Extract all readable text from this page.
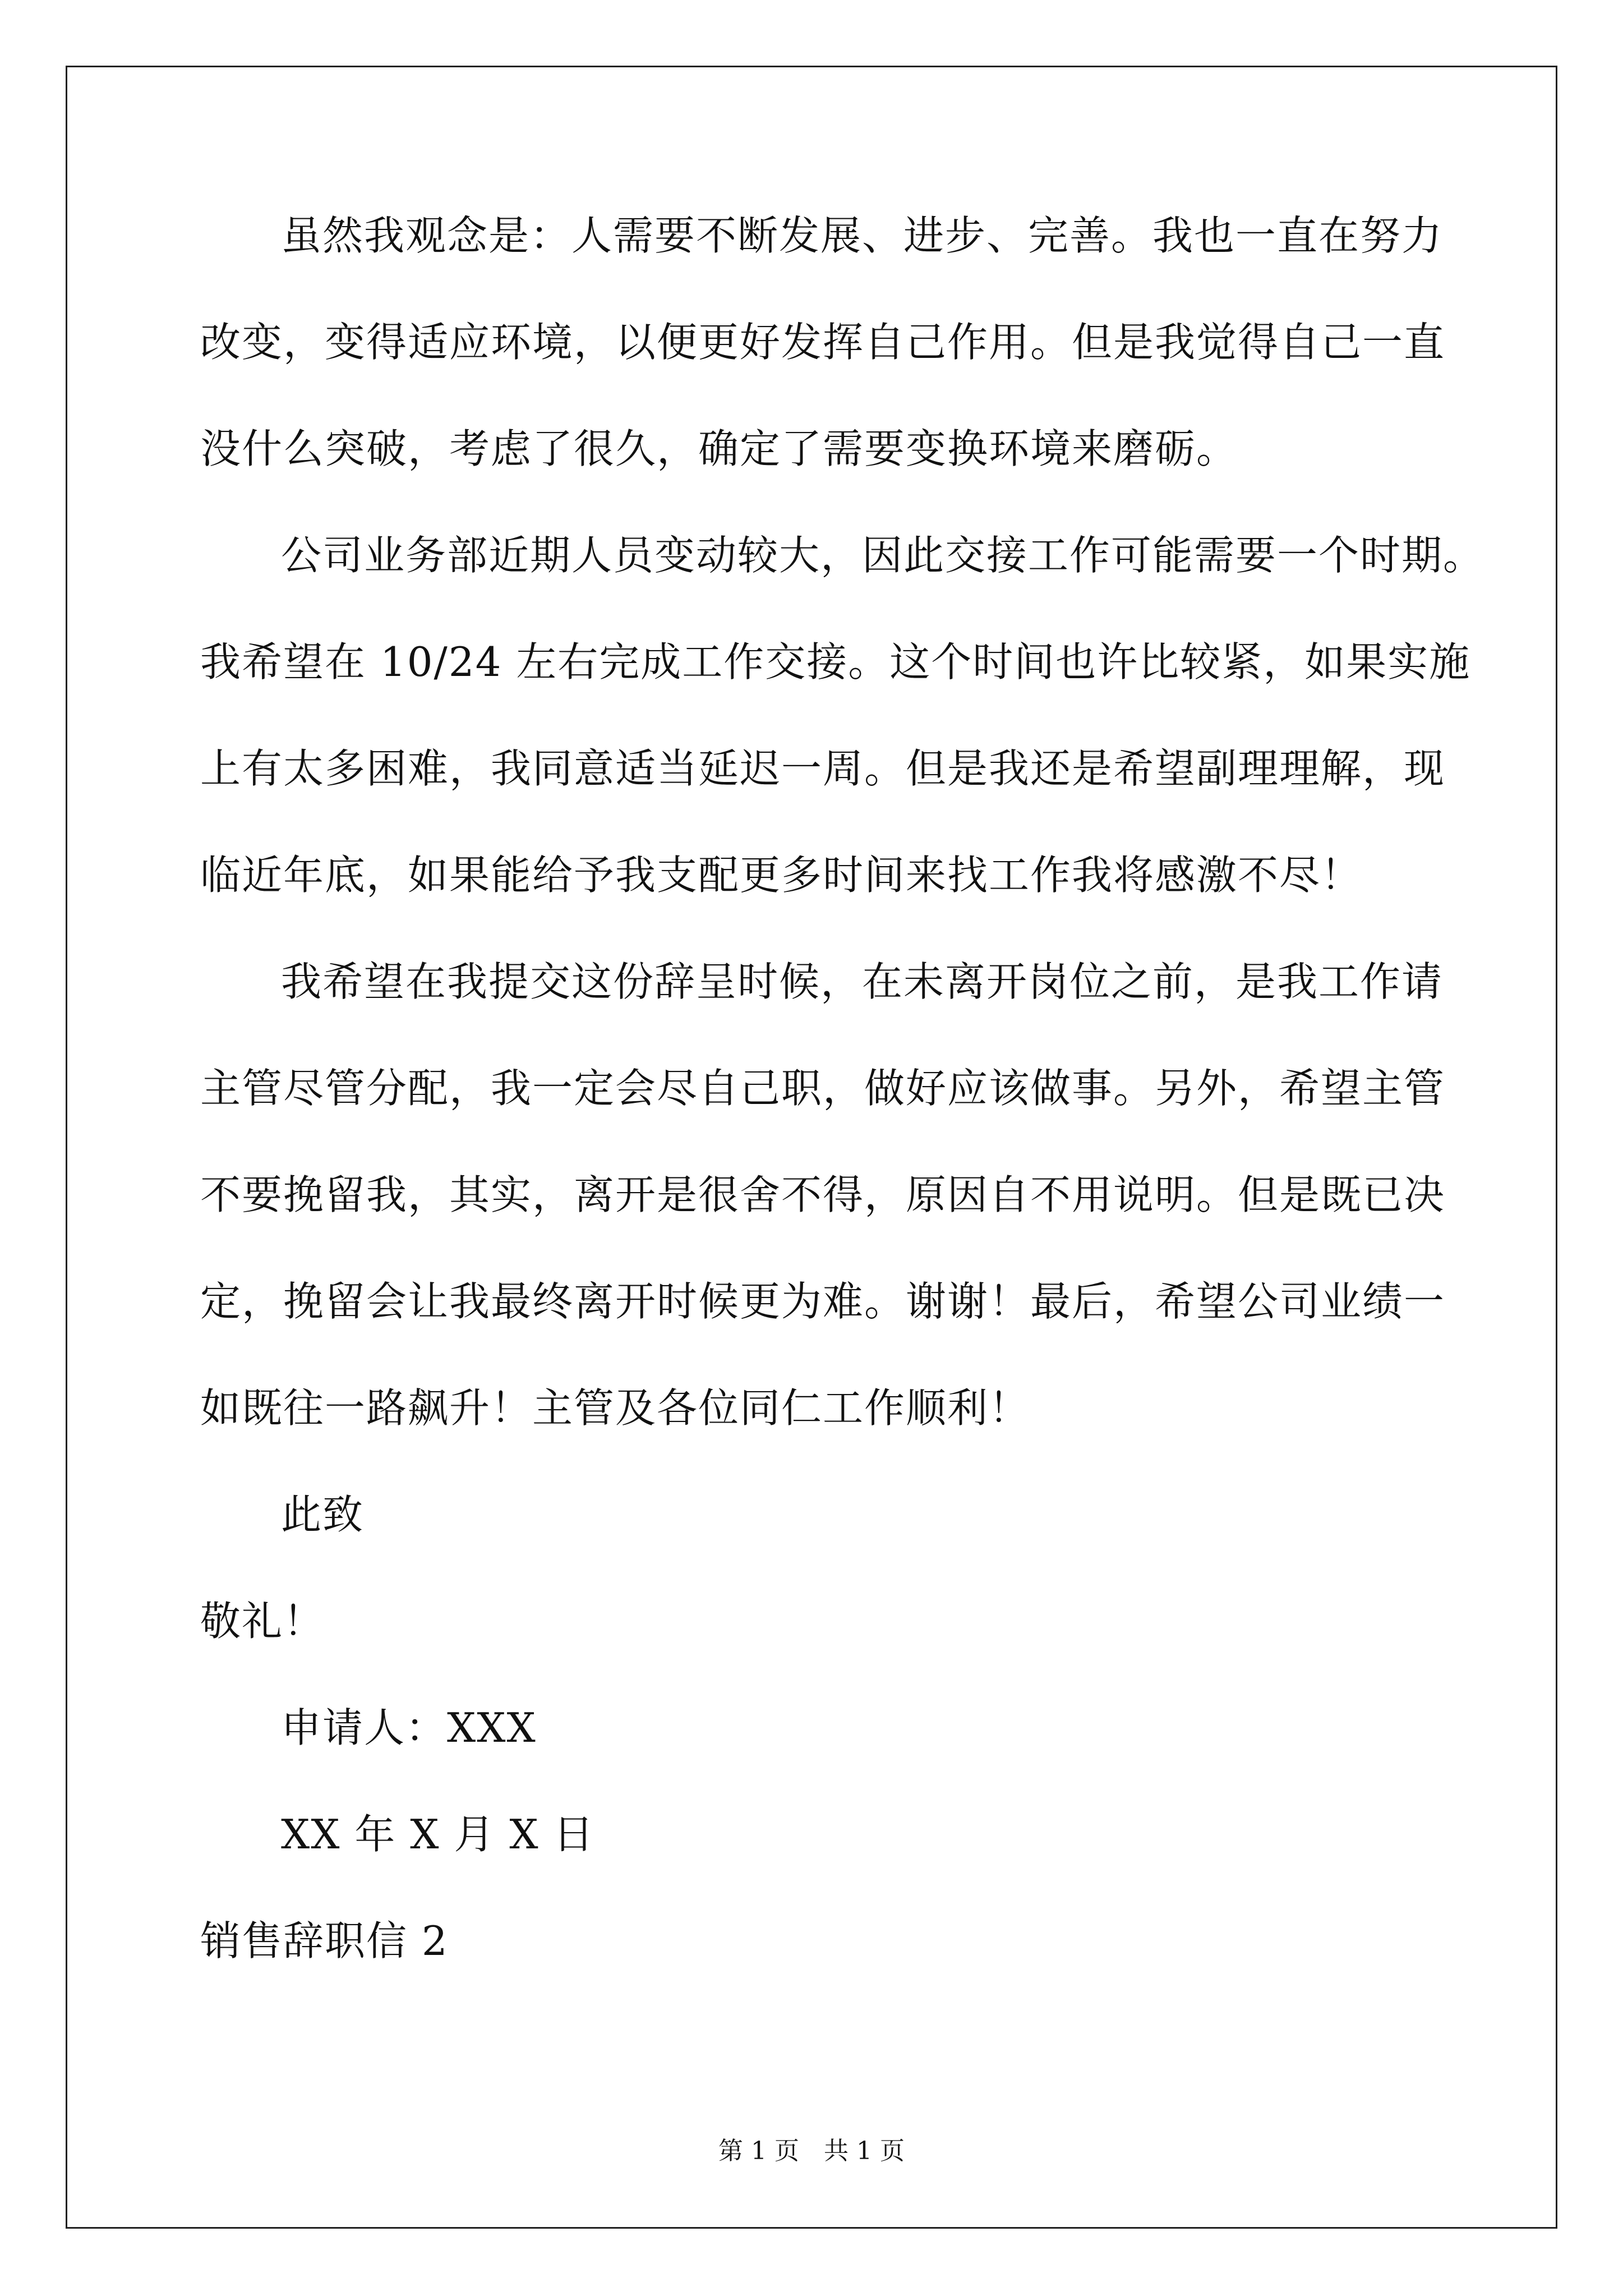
虽然我观念是：人需要不断发展、进步、完善。我也一直在努力
改变，变得适应环境，以便更好发挥自己作用。但是我觉得自己一直
没什么突破，考虑了很久，确定了需要变换环境来磨砺。
公司业务部近期人员变动较大，因此交接工作可能需要一个时期。
我希望在 10/24 左右完成工作交接。这个时间也许比较紧，如果实施
上有太多困难，我同意适当延迟一周。但是我还是希望副理理解，现
临近年底，如果能给予我支配更多时间来找工作我将感激不尽！
我希望在我提交这份辞呈时候，在未离开岗位之前，是我工作请
主管尽管分配，我一定会尽自己职，做好应该做事。另外，希望主管
不要挽留我，其实，离开是很舍不得，原因自不用说明。但是既已决
定，挽留会让我最终离开时候更为难。谢谢！最后，希望公司业绩一
如既往一路飙升！主管及各位同仁工作顺利！
此致
敬礼！
申请人：XXX
XX 年 X 月 X 日
销售辞职信 2
第 1 页　共 1 页
